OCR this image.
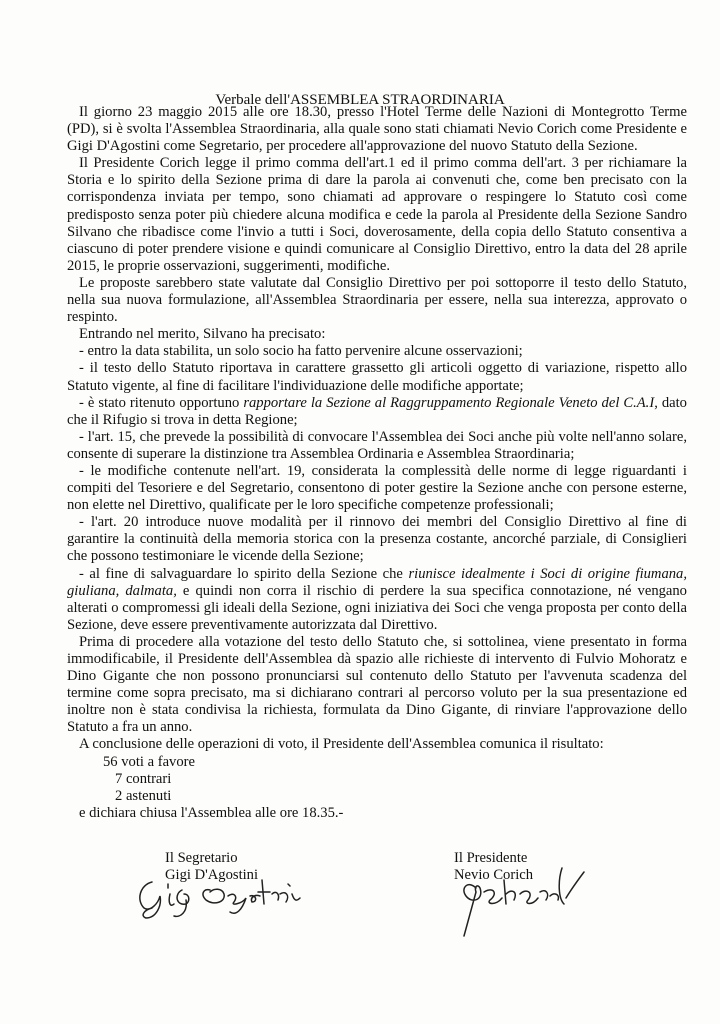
Verbale dell'ASSEMBLEA STRAORDINARIA

Il giorno 23 maggio 2015 alle ore 18.30, presso l'Hotel Terme delle Nazioni di Montegrotto Terme (PD), si è svolta l'Assemblea Straordinaria, alla quale sono stati chiamati Nevio Corich come Presidente e Gigi D'Agostini come Segretario, per procedere all'approvazione del nuovo Statuto della Sezione.

Il Presidente Corich legge il primo comma dell'art.1 ed il primo comma dell'art. 3 per richiamare la Storia e lo spirito della Sezione prima di dare la parola ai convenuti che, come ben precisato con la corrispondenza inviata per tempo, sono chiamati ad approvare o respingere lo Statuto così come predisposto senza poter più chiedere alcuna modifica e cede la parola al Presidente della Sezione Sandro Silvano che ribadisce come l'invio a tutti i Soci, doverosamente, della copia dello Statuto consentiva a ciascuno di poter prendere visione e quindi comunicare al Consiglio Direttivo, entro la data del 28 aprile 2015, le proprie osservazioni, suggerimenti, modifiche.

Le proposte sarebbero state valutate dal Consiglio Direttivo per poi sottoporre il testo dello Statuto, nella sua nuova formulazione, all'Assemblea Straordinaria per essere, nella sua interezza, approvato o respinto.

Entrando nel merito, Silvano ha precisato:

- entro la data stabilita, un solo socio ha fatto pervenire alcune osservazioni;

- il testo dello Statuto riportava in carattere grassetto gli articoli oggetto di variazione, rispetto allo Statuto vigente, al fine di facilitare l'individuazione delle modifiche apportate;

- è stato ritenuto opportuno rapportare la Sezione al Raggruppamento Regionale Veneto del C.A.I, dato che il Rifugio si trova in detta Regione;

- l'art. 15, che prevede la possibilità di convocare l'Assemblea dei Soci anche più volte nell'anno solare, consente di superare la distinzione tra Assemblea Ordinaria e Assemblea Straordinaria;

- le modifiche contenute nell'art. 19, considerata la complessità delle norme di legge riguardanti i compiti del Tesoriere e del Segretario, consentono di poter gestire la Sezione anche con persone esterne, non elette nel Direttivo, qualificate per le loro specifiche competenze professionali;

- l'art. 20 introduce nuove modalità per il rinnovo dei membri del Consiglio Direttivo al fine di garantire la continuità della memoria storica con la presenza costante, ancorché parziale, di Consiglieri che possono testimoniare le vicende della Sezione;

- al fine di salvaguardare lo spirito della Sezione che riunisce idealmente i Soci di origine fiumana, giuliana, dalmata, e quindi non corra il rischio di perdere la sua specifica connotazione, né vengano alterati o compromessi gli ideali della Sezione, ogni iniziativa dei Soci che venga proposta per conto della Sezione, deve essere preventivamente autorizzata dal Direttivo.

Prima di procedere alla votazione del testo dello Statuto che, si sottolinea, viene presentato in forma immodificabile, il Presidente dell'Assemblea dà spazio alle richieste di intervento di Fulvio Mohoratz e Dino Gigante che non possono pronunciarsi sul contenuto dello Statuto per l'avvenuta scadenza del termine come sopra precisato, ma si dichiarano contrari al percorso voluto per la sua presentazione ed inoltre non è stata condivisa la richiesta, formulata da Dino Gigante, di rinviare l'approvazione dello Statuto a fra un anno.

A conclusione delle operazioni di voto, il Presidente dell'Assemblea comunica il risultato:

56 voti a favore
7 contrari
2 astenuti

e dichiara chiusa l'Assemblea alle ore 18.35.-

Il Segretario
Gigi D'Agostini
Il Presidente
Nevio Corich
